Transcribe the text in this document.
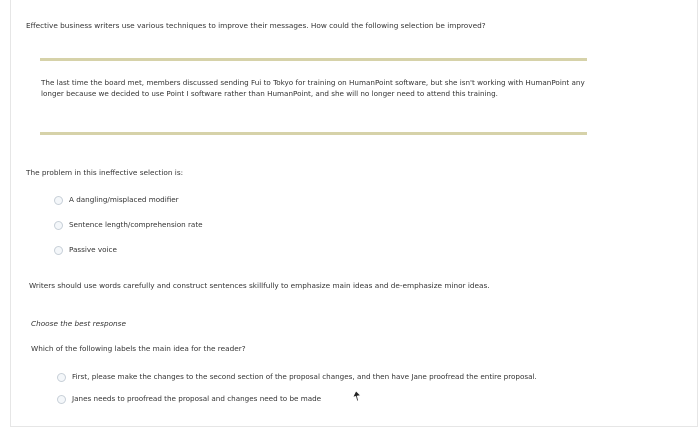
Effective business writers use various techniques to improve their messages. How could the following selection be improved?
The last time the board met, members discussed sending Fui to Tokyo for training on HumanPoint software, but she isn't working with HumanPoint any longer because we decided to use Point I software rather than HumanPoint, and she will no longer need to attend this training.
The problem in this ineffective selection is:
A dangling/misplaced modifier
Sentence length/comprehension rate
Passive voice
Writers should use words carefully and construct sentences skillfully to emphasize main ideas and de-emphasize minor ideas.
Choose the best response
Which of the following labels the main idea for the reader?
First, please make the changes to the second section of the proposal changes, and then have Jane proofread the entire proposal.
Janes needs to proofread the proposal and changes need to be made
